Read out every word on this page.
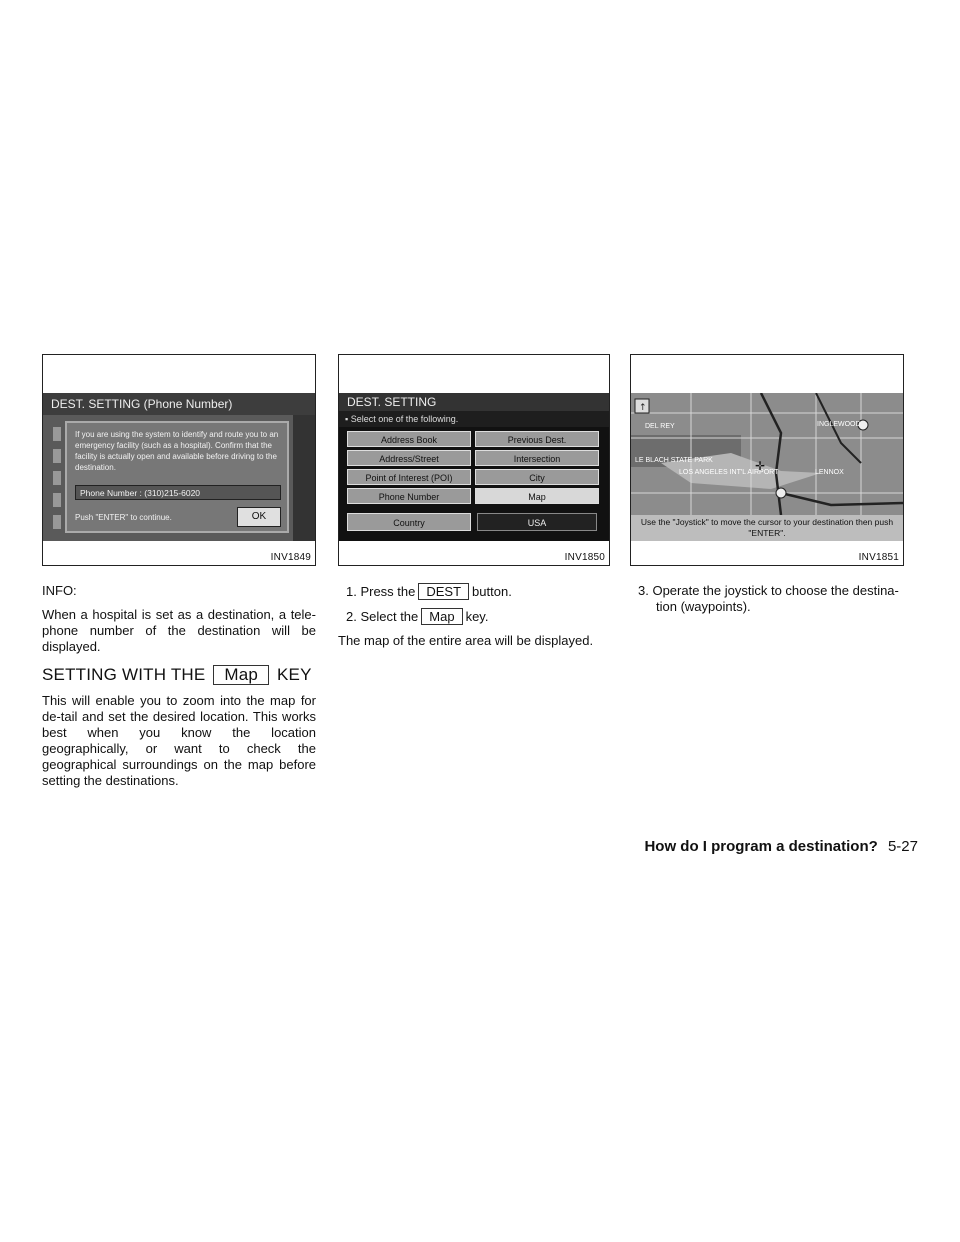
DEST. SETTING (Phone Number)
If you are using the system to identify and route you to an emergency facility (such as a hospital). Confirm that the facility is actually open and available before driving to the destination.
Phone Number : (310)215-6020
Push "ENTER" to continue.	OK
INV1849
DEST. SETTING
▪ Select one of the following.
Address Book	Previous Dest.
Address/Street	Intersection
Point of Interest (POI)	City
Phone Number	Map
Country	USA
INV1850
↑
DEL REY
LE BLACH STATE PARK
LOS ANGELES INT'L AIRPORT
INGLEWOOD
LENNOX
✛
Use the "Joystick" to move the cursor to your destination then push "ENTER".
INV1851

INFO:

When a hospital is set as a destination, a tele-phone number of the destination will be displayed.

SETTING WITH THE Map KEY

This will enable you to zoom into the map for de-tail and set the desired location. This works best when you know the location geographically, or want to check the geographical surroundings on the map before setting the destinations.

1. Press the DEST button.

2. Select the Map key.

The map of the entire area will be displayed.

3. Operate the joystick to choose the destina-
tion (waypoints).

How do I program a destination? 5-27
